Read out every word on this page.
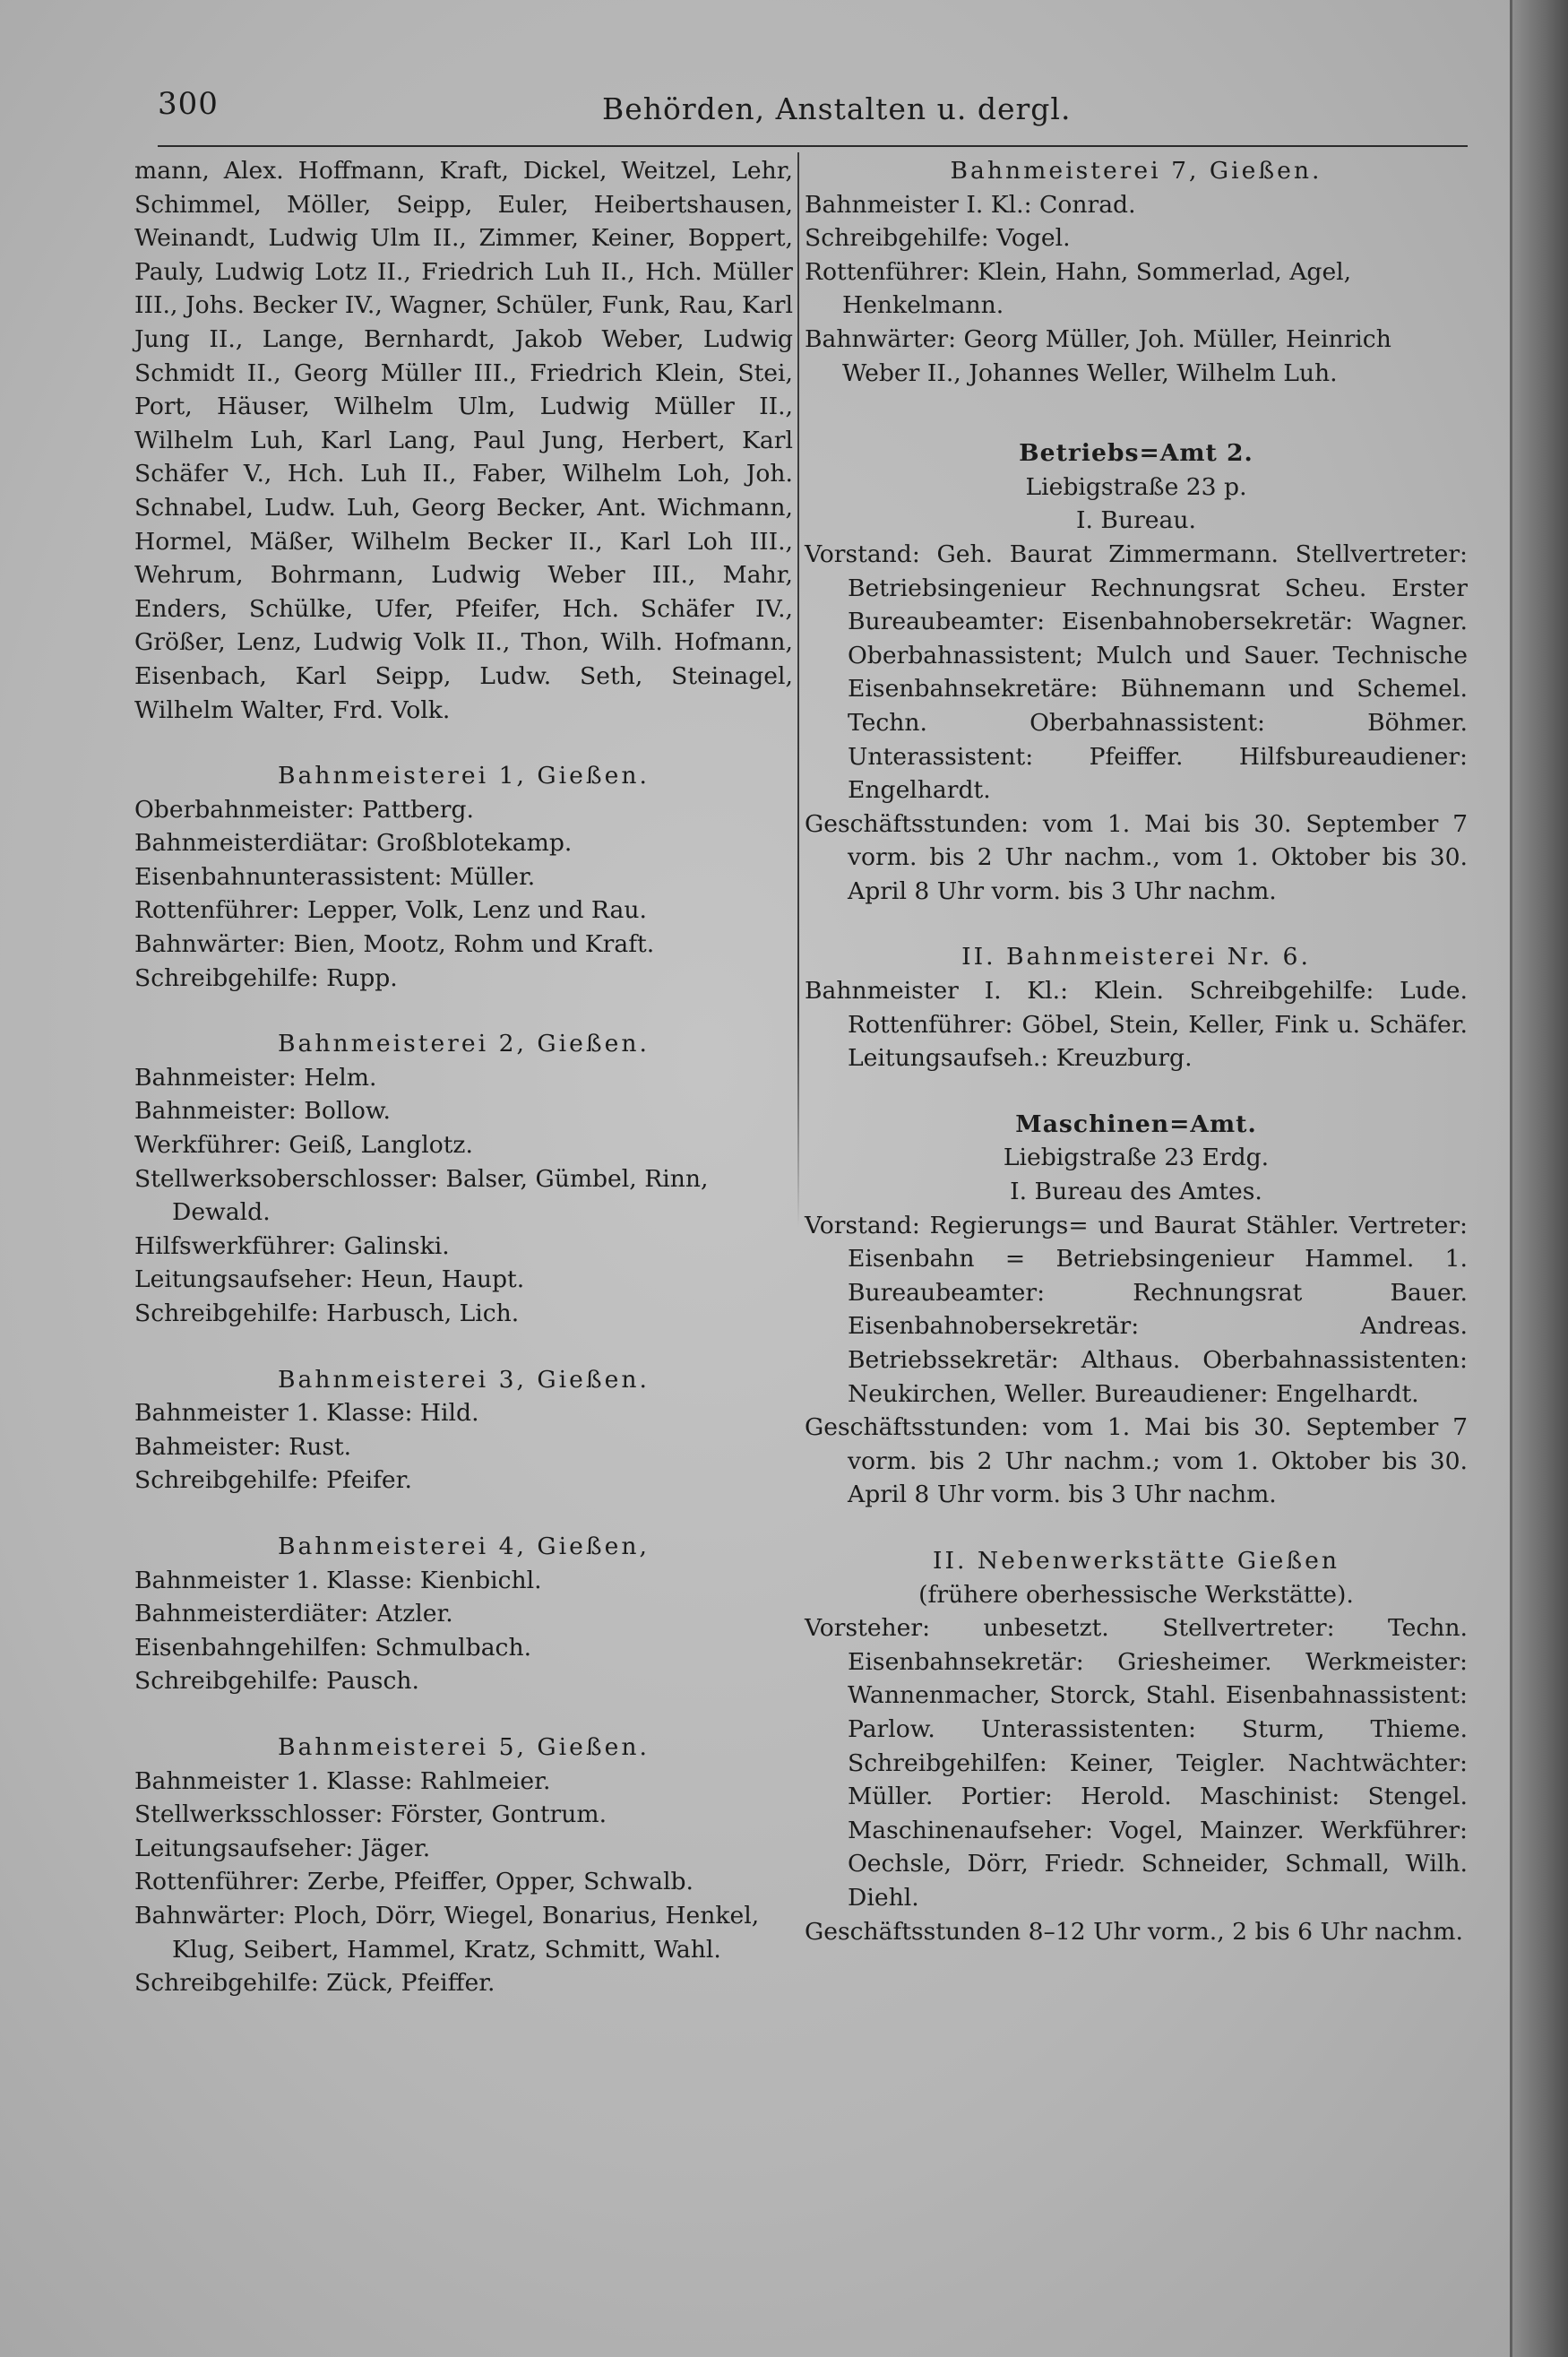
300	Behörden, Anstalten u. dergl.

mann, Alex. Hoffmann, Kraft, Dickel, Weitzel, Lehr, Schimmel, Möller, Seipp, Euler, Heibertshausen, Weinandt, Ludwig Ulm II., Zimmer, Keiner, Boppert, Pauly, Ludwig Lotz II., Friedrich Luh II., Hch. Müller III., Johs. Becker IV., Wagner, Schüler, Funk, Rau, Karl Jung II., Lange, Bernhardt, Jakob Weber, Ludwig Schmidt II., Georg Müller III., Friedrich Klein, Stei, Port, Häuser, Wilhelm Ulm, Ludwig Müller II., Wilhelm Luh, Karl Lang, Paul Jung, Herbert, Karl Schäfer V., Hch. Luh II., Faber, Wilhelm Loh, Joh. Schnabel, Ludw. Luh, Georg Becker, Ant. Wichmann, Hormel, Mäßer, Wilhelm Becker II., Karl Loh III., Wehrum, Bohrmann, Ludwig Weber III., Mahr, Enders, Schülke, Ufer, Pfeifer, Hch. Schäfer IV., Größer, Lenz, Ludwig Volk II., Thon, Wilh. Hofmann, Eisenbach, Karl Seipp, Ludw. Seth, Steinagel, Wilhelm Walter, Frd. Volk.

Bahnmeisterei 1, Gießen.

Oberbahnmeister: Pattberg.

Bahnmeisterdiätar: Großblotekamp.

Eisenbahnunterassistent: Müller.

Rottenführer: Lepper, Volk, Lenz und Rau.

Bahnwärter: Bien, Mootz, Rohm und Kraft.

Schreibgehilfe: Rupp.

Bahnmeisterei 2, Gießen.

Bahnmeister: Helm.

Bahnmeister: Bollow.

Werkführer: Geiß, Langlotz.

Stellwerksoberschlosser: Balser, Gümbel, Rinn, Dewald.

Hilfswerkführer: Galinski.

Leitungsaufseher: Heun, Haupt.

Schreibgehilfe: Harbusch, Lich.

Bahnmeisterei 3, Gießen.

Bahnmeister 1. Klasse: Hild.

Bahmeister: Rust.

Schreibgehilfe: Pfeifer.

Bahnmeisterei 4, Gießen,

Bahnmeister 1. Klasse: Kienbichl.

Bahnmeisterdiäter: Atzler.

Eisenbahngehilfen: Schmulbach.

Schreibgehilfe: Pausch.

Bahnmeisterei 5, Gießen.

Bahnmeister 1. Klasse: Rahlmeier.

Stellwerksschlosser: Förster, Gontrum.

Leitungsaufseher: Jäger.

Rottenführer: Zerbe, Pfeiffer, Opper, Schwalb.

Bahnwärter: Ploch, Dörr, Wiegel, Bonarius, Henkel, Klug, Seibert, Hammel, Kratz, Schmitt, Wahl.

Schreibgehilfe: Zück, Pfeiffer.

Bahnmeisterei 7, Gießen.

Bahnmeister I. Kl.: Conrad.

Schreibgehilfe: Vogel.

Rottenführer: Klein, Hahn, Sommerlad, Agel, Henkelmann.

Bahnwärter: Georg Müller, Joh. Müller, Heinrich Weber II., Johannes Weller, Wilhelm Luh.

Betriebs=Amt 2.

Liebigstraße 23 p.

I. Bureau.

Vorstand: Geh. Baurat Zimmermann. Stellvertreter: Betriebsingenieur Rechnungsrat Scheu. Erster Bureaubeamter: Eisenbahnobersekretär: Wagner. Oberbahnassistent; Mulch und Sauer. Technische Eisenbahnsekretäre: Bühnemann und Schemel. Techn. Oberbahnassistent: Böhmer. Unterassistent: Pfeiffer. Hilfsbureaudiener: Engelhardt.

Geschäftsstunden: vom 1. Mai bis 30. September 7 vorm. bis 2 Uhr nachm., vom 1. Oktober bis 30. April 8 Uhr vorm. bis 3 Uhr nachm.

II. Bahnmeisterei Nr. 6.

Bahnmeister I. Kl.: Klein. Schreibgehilfe: Lude. Rottenführer: Göbel, Stein, Keller, Fink u. Schäfer. Leitungsaufseh.: Kreuzburg.

Maschinen=Amt.

Liebigstraße 23 Erdg.

I. Bureau des Amtes.

Vorstand: Regierungs= und Baurat Stähler. Vertreter: Eisenbahn = Betriebsingenieur Hammel. 1. Bureaubeamter: Rechnungsrat Bauer. Eisenbahnobersekretär: Andreas. Betriebssekretär: Althaus. Oberbahnassistenten: Neukirchen, Weller. Bureaudiener: Engelhardt.

Geschäftsstunden: vom 1. Mai bis 30. September 7 vorm. bis 2 Uhr nachm.; vom 1. Oktober bis 30. April 8 Uhr vorm. bis 3 Uhr nachm.

II. Nebenwerkstätte Gießen

(frühere oberhessische Werkstätte).

Vorsteher: unbesetzt. Stellvertreter: Techn. Eisenbahnsekretär: Griesheimer. Werkmeister: Wannenmacher, Storck, Stahl. Eisenbahnassistent: Parlow. Unterassistenten: Sturm, Thieme. Schreibgehilfen: Keiner, Teigler. Nachtwächter: Müller. Portier: Herold. Maschinist: Stengel. Maschinenaufseher: Vogel, Mainzer. Werkführer: Oechsle, Dörr, Friedr. Schneider, Schmall, Wilh. Diehl.

Geschäftsstunden 8–12 Uhr vorm., 2 bis 6 Uhr nachm.
